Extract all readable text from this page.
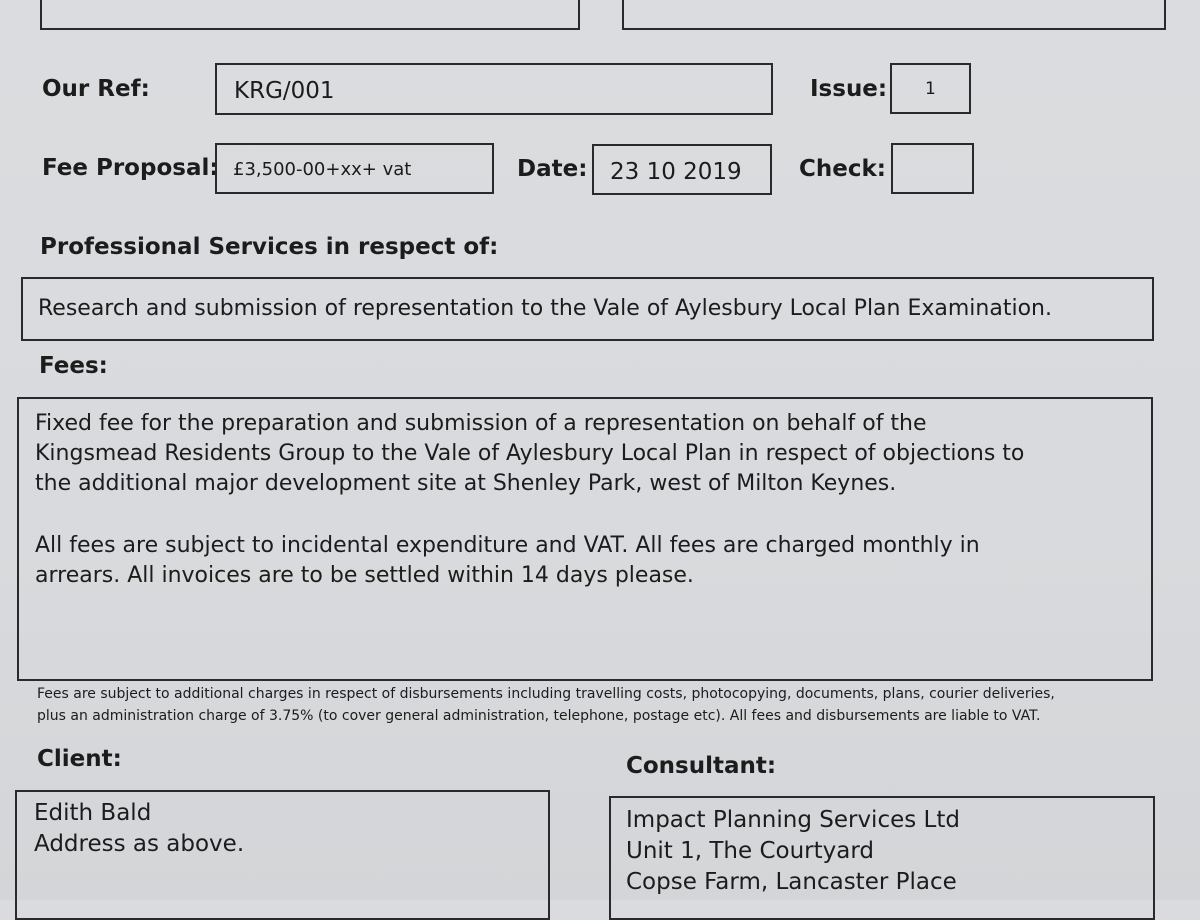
Our Ref:	KRG/001	Issue: 1
Fee Proposal: £3,500-00+xx+ vat	Date: 23 10 2019 Check:
Professional Services in respect of:
Research and submission of representation to the Vale of Aylesbury Local Plan Examination.
Fees:
Fixed fee for the preparation and submission of a representation on behalf of the
Kingsmead Residents Group to the Vale of Aylesbury Local Plan in respect of objections to
the additional major development site at Shenley Park, west of Milton Keynes.
All fees are subject to incidental expenditure and VAT. All fees are charged monthly in
arrears. All invoices are to be settled within 14 days please.
Fees are subject to additional charges in respect of disbursements including travelling costs, photocopying, documents, plans, courier deliveries,
plus an administration charge of 3.75% (to cover general administration, telephone, postage etc). All fees and disbursements are liable to VAT.
Client:
Edith Bald
Address as above.
Consultant:
Impact Planning Services Ltd
Unit 1, The Courtyard
Copse Farm, Lancaster Place
